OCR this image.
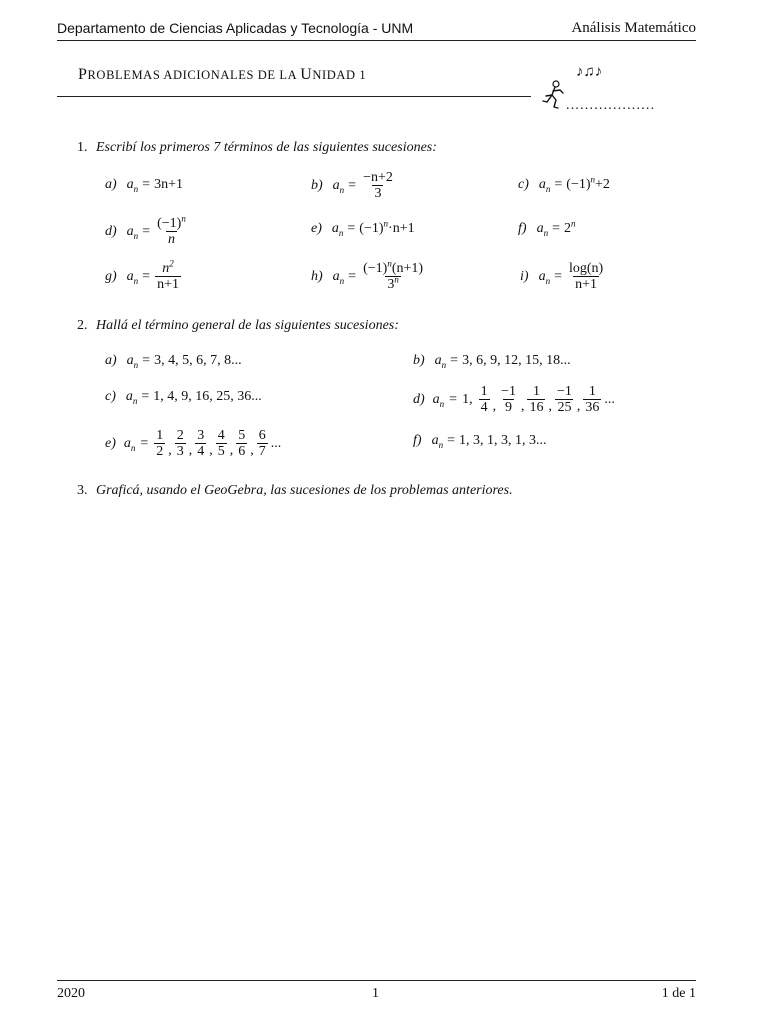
Departamento de Ciencias Aplicadas y Tecnología - UNM	Análisis Matemático
PROBLEMAS ADICIONALES DE LA UNIDAD 1	♪♫♪
...................
1. Escribí los primeros 7 términos de las siguientes sucesiones:
a) $a_n = 3n+1$	b) $a_n = \frac{-n+2}{3}$	c) $a_n = (-1)^n+2$
d) $a_n = \frac{(-1)^n}{n}$	e) $a_n = (-1)^n\cdot n+1$	f) $a_n = 2^n$
g) $a_n = \frac{n^2}{n+1}$	h) $a_n = \frac{(-1)^n(n+1)}{3^n}$	i) $a_n = \frac{\log(n)}{n+1}$
2. Hallá el término general de las siguientes sucesiones:
a) $a_n = 3$, 4, 5, 6, 7, 8...	b) $a_n = 3$, 6, 9, 12, 15, 18...
c) $a_n = 1$, 4, 9, 16, 25, 36...	d) $a_n = 1$, $\frac{1}{4}$ , $\frac{-1}{9}$ , $\frac{1}{16}$ , $\frac{-1}{25}$ , $\frac{1}{36}$ ...
e) $a_n = \frac{1}{2}$ , $\frac{2}{3}$ , $\frac{3}{4}$ , $\frac{4}{5}$ , $\frac{5}{6}$ , $\frac{6}{7}$ ...	f) $a_n = 1$, 3, 1, 3, 1, 3...
3. Graficá, usando el GeoGebra, las sucesiones de los problemas anteriores.
2020	1	1 de 1
